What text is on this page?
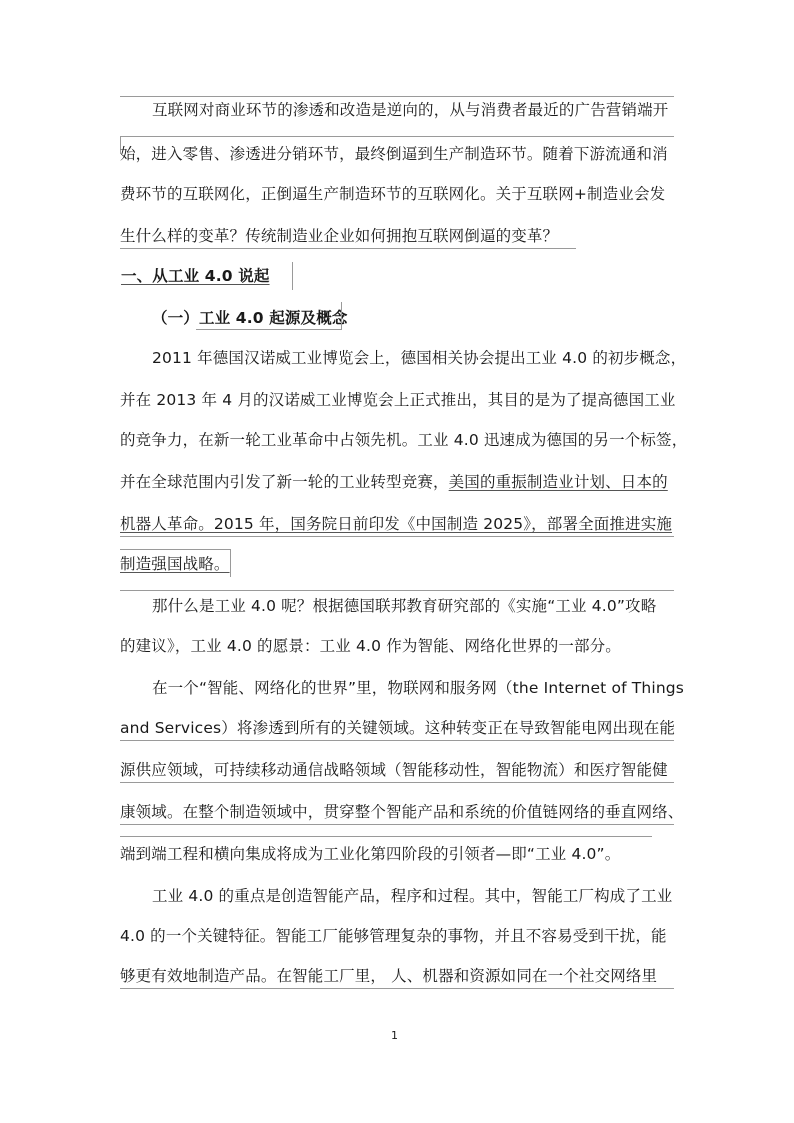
互联网对商业环节的渗透和改造是逆向的，从与消费者最近的广告营销端开
始，进入零售、渗透进分销环节，最终倒逼到生产制造环节。随着下游流通和消
费环节的互联网化，正倒逼生产制造环节的互联网化。关于互联网+制造业会发
生什么样的变革？传统制造业企业如何拥抱互联网倒逼的变革？
一、从工业 4.0 说起
（一）工业 4.0 起源及概念
2011 年德国汉诺威工业博览会上，德国相关协会提出工业 4.0 的初步概念，
并在 2013 年 4 月的汉诺威工业博览会上正式推出，其目的是为了提高德国工业
的竞争力，在新一轮工业革命中占领先机。工业 4.0 迅速成为德国的另一个标签，
并在全球范围内引发了新一轮的工业转型竞赛，美国的重振制造业计划、日本的
机器人革命。2015 年，国务院日前印发《中国制造 2025》，部署全面推进实施
制造强国战略。
那什么是工业 4.0 呢？根据德国联邦教育研究部的《实施“工业 4.0”攻略
的建议》，工业 4.0 的愿景：工业 4.0 作为智能、网络化世界的一部分。
在一个“智能、网络化的世界”里，物联网和服务网（the Internet of Things
and Services）将渗透到所有的关键领域。这种转变正在导致智能电网出现在能
源供应领域，可持续移动通信战略领域（智能移动性，智能物流）和医疗智能健
康领域。在整个制造领域中，贯穿整个智能产品和系统的价值链网络的垂直网络、
端到端工程和横向集成将成为工业化第四阶段的引领者—即“工业 4.0”。
工业 4.0 的重点是创造智能产品，程序和过程。其中，智能工厂构成了工业
4.0 的一个关键特征。智能工厂能够管理复杂的事物，并且不容易受到干扰，能
够更有效地制造产品。在智能工厂里， 人、机器和资源如同在一个社交网络里
1
